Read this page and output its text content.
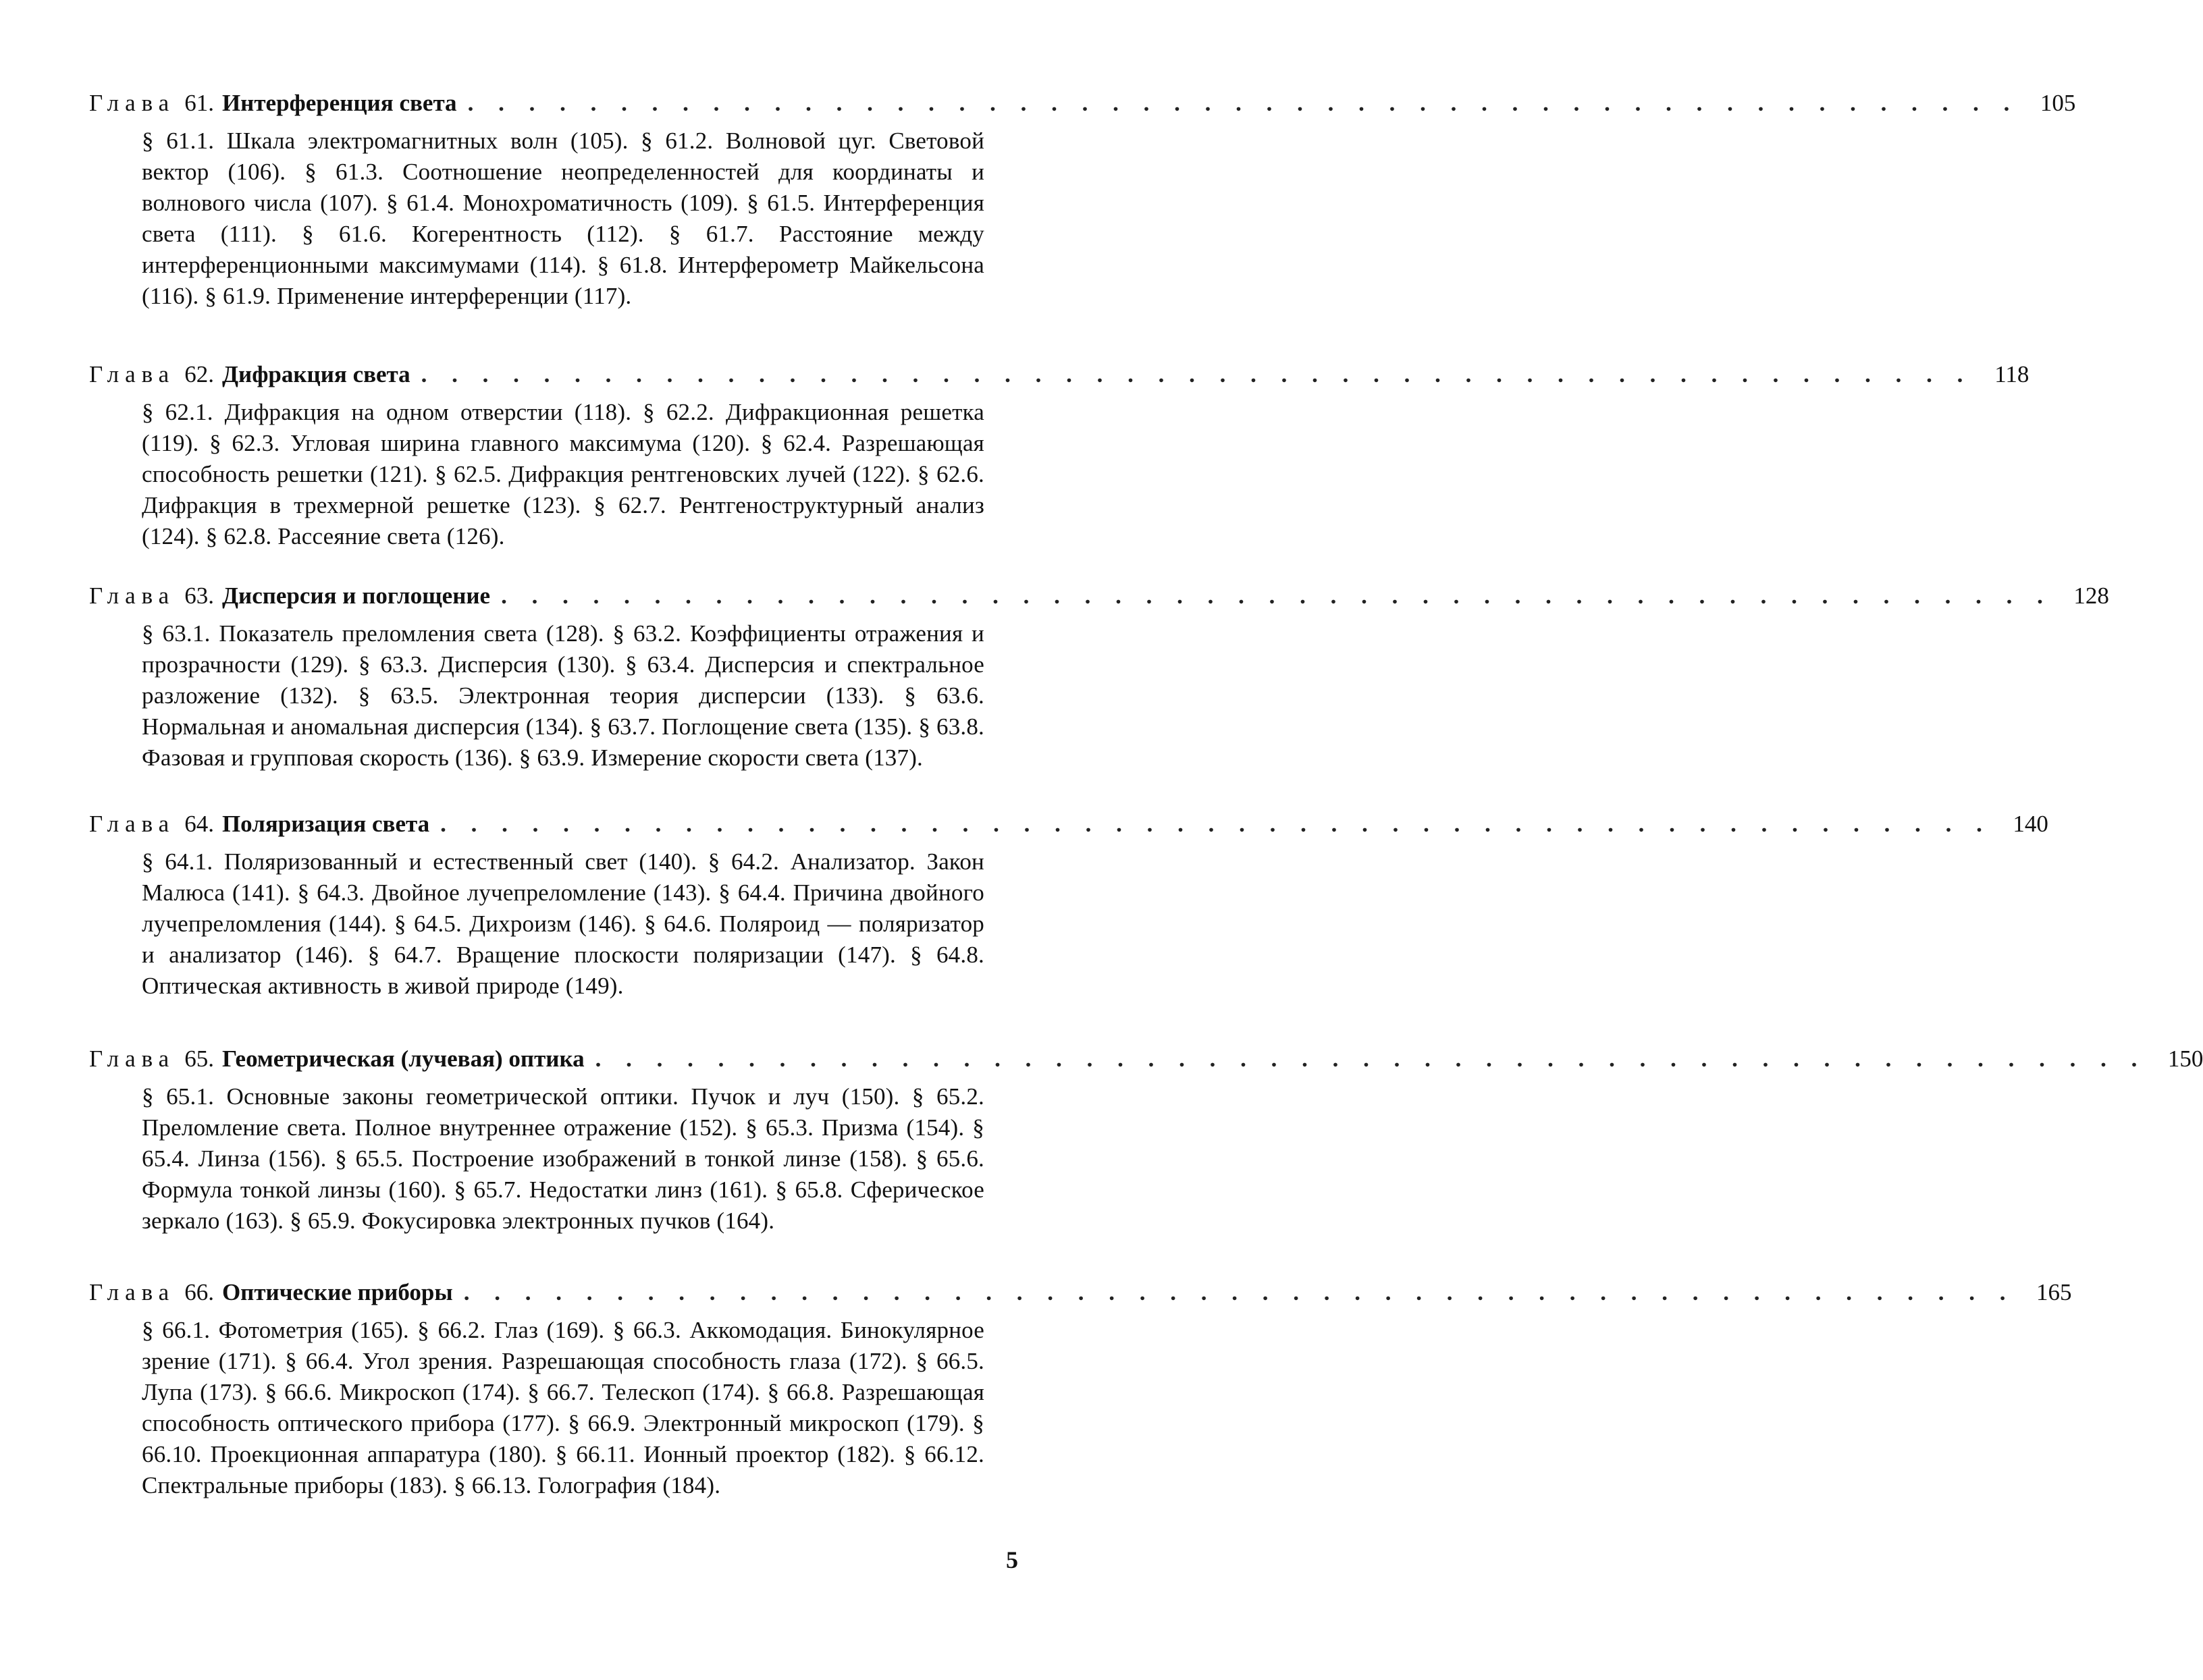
Глава 61. Интерференция света . . . . . . . . . . . . . . . . . . . . . . . . . . . . . . . . . . . . . . . . . . . . . . . . . . . 105
§ 61.1. Шкала электромагнитных волн (105). § 61.2. Волновой цуг. Световой вектор (106). § 61.3. Соотношение неопределенностей для координаты и волнового числа (107). § 61.4. Монохроматичность (109). § 61.5. Интерференция света (111). § 61.6. Когерентность (112). § 61.7. Расстояние между интерференционными максимумами (114). § 61.8. Интерферометр Майкельсона (116). § 61.9. Применение интерференции (117).
Глава 62. Дифракция света . . . . . . . . . . . . . . . . . . . . . . . . . . . . . . . . . . . . . . . . . . . . . . . . . . . 118
§ 62.1. Дифракция на одном отверстии (118). § 62.2. Дифракционная решетка (119). § 62.3. Угловая ширина главного максимума (120). § 62.4. Разрешающая способность решетки (121). § 62.5. Дифракция рентгеновских лучей (122). § 62.6. Дифракция в трехмерной решетке (123). § 62.7. Рентгеноструктурный анализ (124). § 62.8. Рассеяние света (126).
Глава 63. Дисперсия и поглощение . . . . . . . . . . . . . . . . . . . . . . . . . . . . . . . . . . . . . . . . . . . . . . . . . . . 128
§ 63.1. Показатель преломления света (128). § 63.2. Коэффициенты отражения и прозрачности (129). § 63.3. Дисперсия (130). § 63.4. Дисперсия и спектральное разложение (132). § 63.5. Электронная теория дисперсии (133). § 63.6. Нормальная и аномальная дисперсия (134). § 63.7. Поглощение света (135). § 63.8. Фазовая и групповая скорость (136). § 63.9. Измерение скорости света (137).
Глава 64. Поляризация света . . . . . . . . . . . . . . . . . . . . . . . . . . . . . . . . . . . . . . . . . . . . . . . . . . . 140
§ 64.1. Поляризованный и естественный свет (140). § 64.2. Анализатор. Закон Малюса (141). § 64.3. Двойное лучепреломление (143). § 64.4. Причина двойного лучепреломления (144). § 64.5. Дихроизм (146). § 64.6. Поляроид — поляризатор и анализатор (146). § 64.7. Вращение плоскости поляризации (147). § 64.8. Оптическая активность в живой природе (149).
Глава 65. Геометрическая (лучевая) оптика . . . . . . . . . . . . . . . . . . . . . . . . . . . . . . . . . . . . . . . . . . . . . . . . . . . 150
§ 65.1. Основные законы геометрической оптики. Пучок и луч (150). § 65.2. Преломление света. Полное внутреннее отражение (152). § 65.3. Призма (154). § 65.4. Линза (156). § 65.5. Построение изображений в тонкой линзе (158). § 65.6. Формула тонкой линзы (160). § 65.7. Недостатки линз (161). § 65.8. Сферическое зеркало (163). § 65.9. Фокусировка электронных пучков (164).
Глава 66. Оптические приборы . . . . . . . . . . . . . . . . . . . . . . . . . . . . . . . . . . . . . . . . . . . . . . . . . . . 165
§ 66.1. Фотометрия (165). § 66.2. Глаз (169). § 66.3. Аккомодация. Бинокулярное зрение (171). § 66.4. Угол зрения. Разрешающая способность глаза (172). § 66.5. Лупа (173). § 66.6. Микроскоп (174). § 66.7. Телескоп (174). § 66.8. Разрешающая способность оптического прибора (177). § 66.9. Электронный микроскоп (179). § 66.10. Проекционная аппаратура (180). § 66.11. Ионный проектор (182). § 66.12. Спектральные приборы (183). § 66.13. Голография (184).
5
